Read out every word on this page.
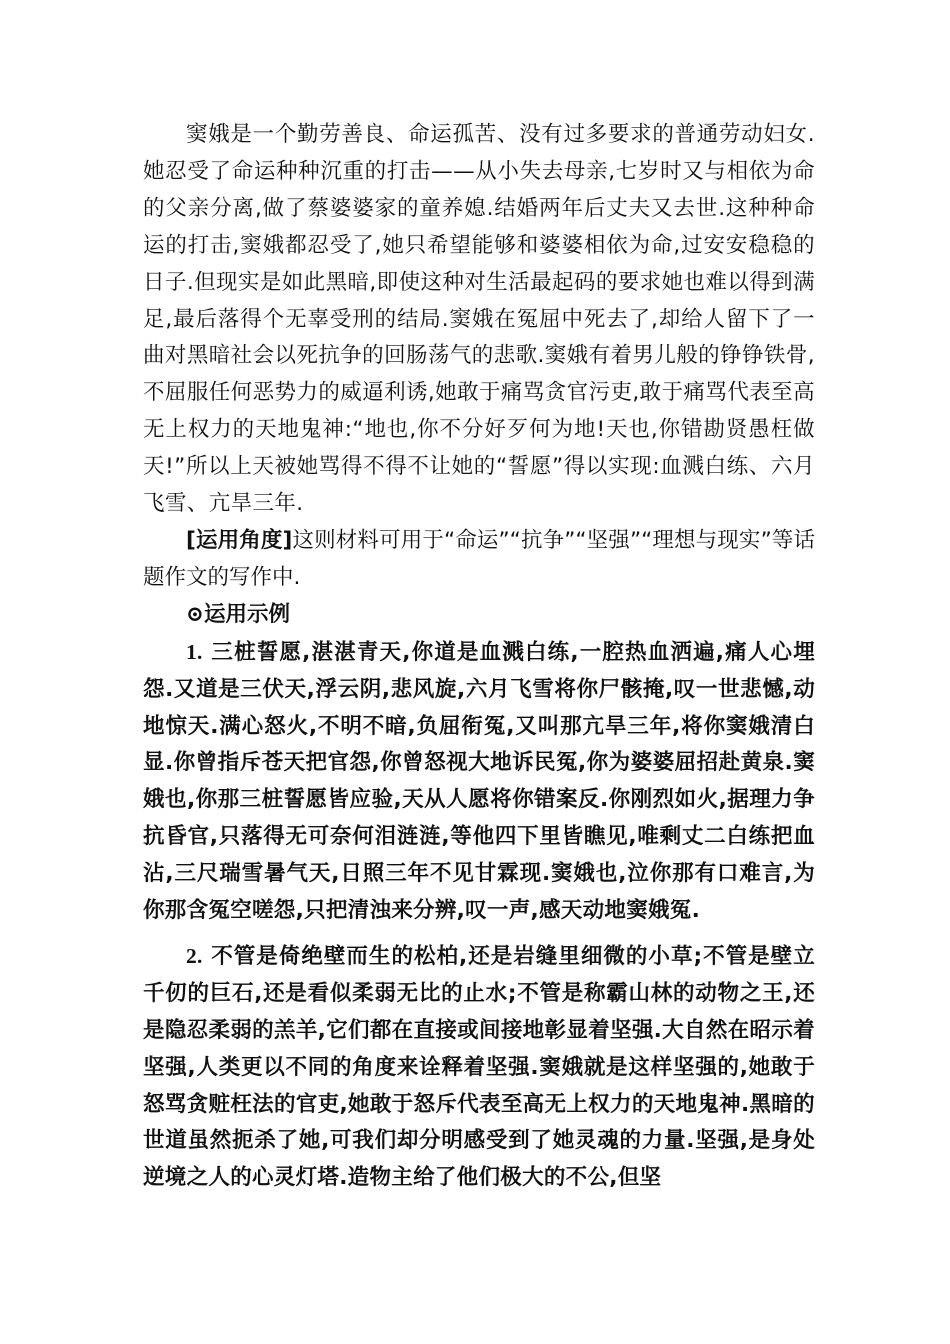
窦娥是一个勤劳善良、命运孤苦、没有过多要求的普通劳动妇女.她忍受了命运种种沉重的打击——从小失去母亲,七岁时又与相依为命的父亲分离,做了蔡婆婆家的童养媳.结婚两年后丈夫又去世.这种种命运的打击,窦娥都忍受了,她只希望能够和婆婆相依为命,过安安稳稳的日子.但现实是如此黑暗,即使这种对生活最起码的要求她也难以得到满足,最后落得个无辜受刑的结局.窦娥在冤屈中死去了,却给人留下了一曲对黑暗社会以死抗争的回肠荡气的悲歌.窦娥有着男儿般的铮铮铁骨,不屈服任何恶势力的威逼利诱,她敢于痛骂贪官污吏,敢于痛骂代表至高无上权力的天地鬼神:“地也,你不分好歹何为地!天也,你错勘贤愚枉做天!”所以上天被她骂得不得不让她的“誓愿”得以实现:血溅白练、六月飞雪、亢旱三年.

[运用角度]这则材料可用于“命运”“抗争”“坚强”“理想与现实”等话题作文的写作中.

⊙运用示例

1. 三桩誓愿,湛湛青天,你道是血溅白练,一腔热血洒遍,痛人心埋怨.又道是三伏天,浮云阴,悲风旋,六月飞雪将你尸骸掩,叹一世悲憾,动地惊天.满心怒火,不明不暗,负屈衔冤,又叫那亢旱三年,将你窦娥清白显.你曾指斥苍天把官怨,你曾怒视大地诉民冤,你为婆婆屈招赴黄泉.窦娥也,你那三桩誓愿皆应验,天从人愿将你错案反.你刚烈如火,据理力争抗昏官,只落得无可奈何泪涟涟,等他四下里皆瞧见,唯剩丈二白练把血沾,三尺瑞雪暑气天,日照三年不见甘霖现.窦娥也,泣你那有口难言,为你那含冤空嗟怨,只把清浊来分辨,叹一声,感天动地窦娥冤.

2. 不管是倚绝壁而生的松柏,还是岩缝里细微的小草;不管是壁立千仞的巨石,还是看似柔弱无比的止水;不管是称霸山林的动物之王,还是隐忍柔弱的羔羊,它们都在直接或间接地彰显着坚强.大自然在昭示着坚强,人类更以不同的角度来诠释着坚强.窦娥就是这样坚强的,她敢于怒骂贪赃枉法的官吏,她敢于怒斥代表至高无上权力的天地鬼神.黑暗的世道虽然扼杀了她,可我们却分明感受到了她灵魂的力量.坚强,是身处逆境之人的心灵灯塔.造物主给了他们极大的不公,但坚
